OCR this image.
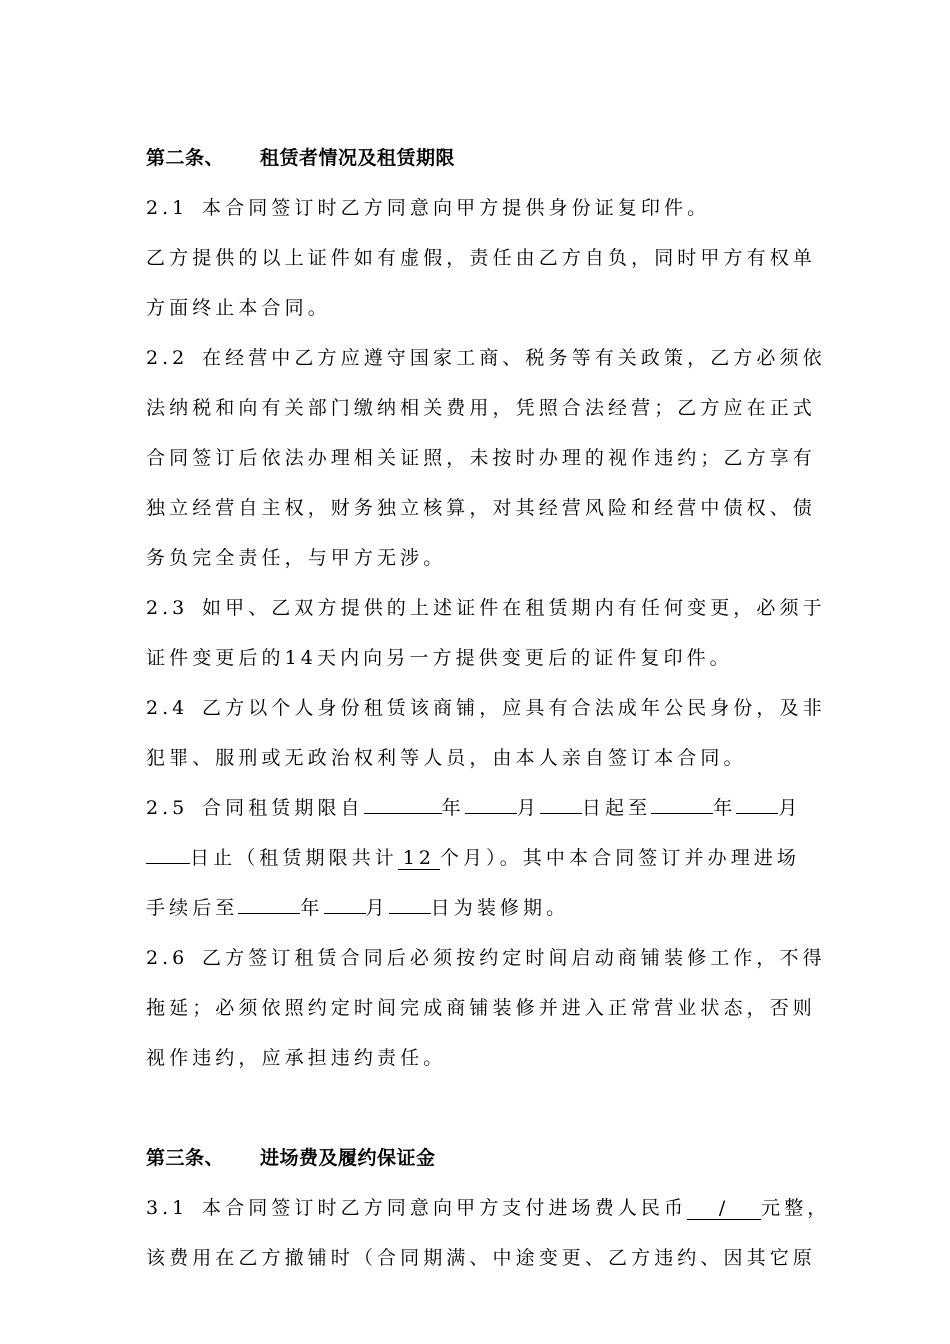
第二条、 租赁者情况及租赁期限
2.1 本合同签订时乙方同意向甲方提供身份证复印件。
乙方提供的以上证件如有虚假，责任由乙方自负，同时甲方有权单
方面终止本合同。
2.2 在经营中乙方应遵守国家工商、税务等有关政策，乙方必须依
法纳税和向有关部门缴纳相关费用，凭照合法经营；乙方应在正式
合同签订后依法办理相关证照，未按时办理的视作违约；乙方享有
独立经营自主权，财务独立核算，对其经营风险和经营中债权、债
务负完全责任，与甲方无涉。
2.3 如甲、乙双方提供的上述证件在租赁期内有任何变更，必须于
证件变更后的14天内向另一方提供变更后的证件复印件。
2.4 乙方以个人身份租赁该商铺，应具有合法成年公民身份，及非
犯罪、服刑或无政治权利等人员，由本人亲自签订本合同。
2.5 合同租赁期限自	年	月 日起至	年 月
日止（租赁期限共计 12 个月）。其中本合同签订并办理进场
手续后至	年 月 日为装修期。
2.6 乙方签订租赁合同后必须按约定时间启动商铺装修工作，不得
拖延；必须依照约定时间完成商铺装修并进入正常营业状态，否则
视作违约，应承担违约责任。
第三条、 进场费及履约保证金
3.1 本合同签订时乙方同意向甲方支付进场费人民币 / 元整，
该费用在乙方撤铺时（合同期满、中途变更、乙方违约、因其它原
